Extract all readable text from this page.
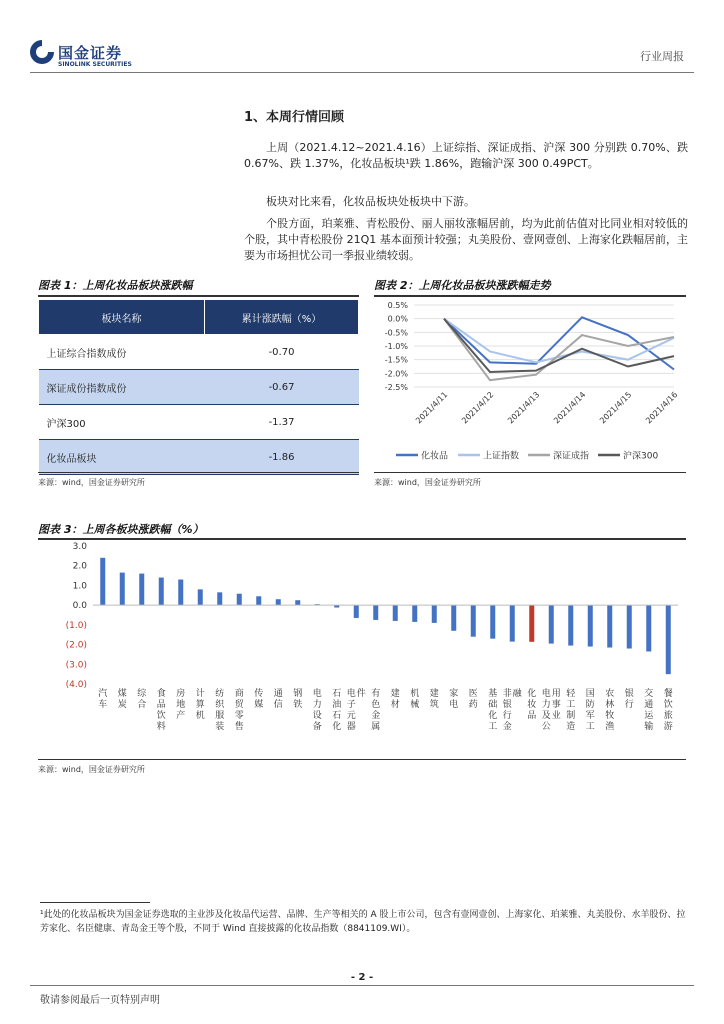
国金证券
SINOLINK SECURITIES
行业周报
1、本周行情回顾
上周（2021.4.12~2021.4.16）上证综指、深证成指、沪深 300 分别跌 0.70%、跌 0.67%、跌 1.37%，化妆品板块¹跌 1.86%，跑输沪深 300 0.49PCT。
板块对比来看，化妆品板块处板块中下游。
个股方面，珀莱雅、青松股份、丽人丽妆涨幅居前，均为此前估值对比同业相对较低的个股，其中青松股份 21Q1 基本面预计较强；丸美股份、壹网壹创、上海家化跌幅居前，主要为市场担忧公司一季报业绩较弱。
图表 1：上周化妆品板块涨跌幅
板块名称	累计涨跌幅（%）
上证综合指数成份	-0.70
深证成份指数成份	-0.67
沪深300	-1.37
化妆品板块	-1.86
来源：wind，国金证券研究所
图表 2：上周化妆品板块涨跌幅走势
0.5%
0.0%
-0.5%
-1.0%
-1.5%
-2.0%
-2.5%
2021/4/11 2021/4/12 2021/4/13 2021/4/14 2021/4/15 2021/4/16
化妆品	上证指数	深证成指	沪深300
来源：wind，国金证券研究所
图表 3：上周各板块涨跌幅（%）
3.0
2.0
1.0
0.0
(1.0)
(2.0)
(3.0)
(4.0)
汽
车
煤
炭
综
合
食
品
饮
料
房
地
产
计
算
机
纺
织
服
装
商
贸
零
售
传
媒
通
信
钢
铁
电
力
设
备
石
油
石
化
电
子
元
器
件 有
色
金
属
建
材
机
械
建
筑
家
电
医
药
基
础
化
工
非
银
行
金
融 化
妆
品
电
力
及
公
用
事
业
轻
工
制
造
国
防
军
工
农
林
牧
渔
银
行
交
通
运
输
餐
饮
旅
游
来源：wind，国金证券研究所
¹此处的化妆品板块为国金证券选取的主业涉及化妆品代运营、品牌、生产等相关的 A 股上市公司，包含有壹网壹创、上海家化、珀莱雅、丸美股份、水羊股份、拉芳家化、名臣健康、青岛金王等个股，不同于 Wind 直接披露的化妆品指数（8841109.WI）。
- 2 -
敬请参阅最后一页特别声明
